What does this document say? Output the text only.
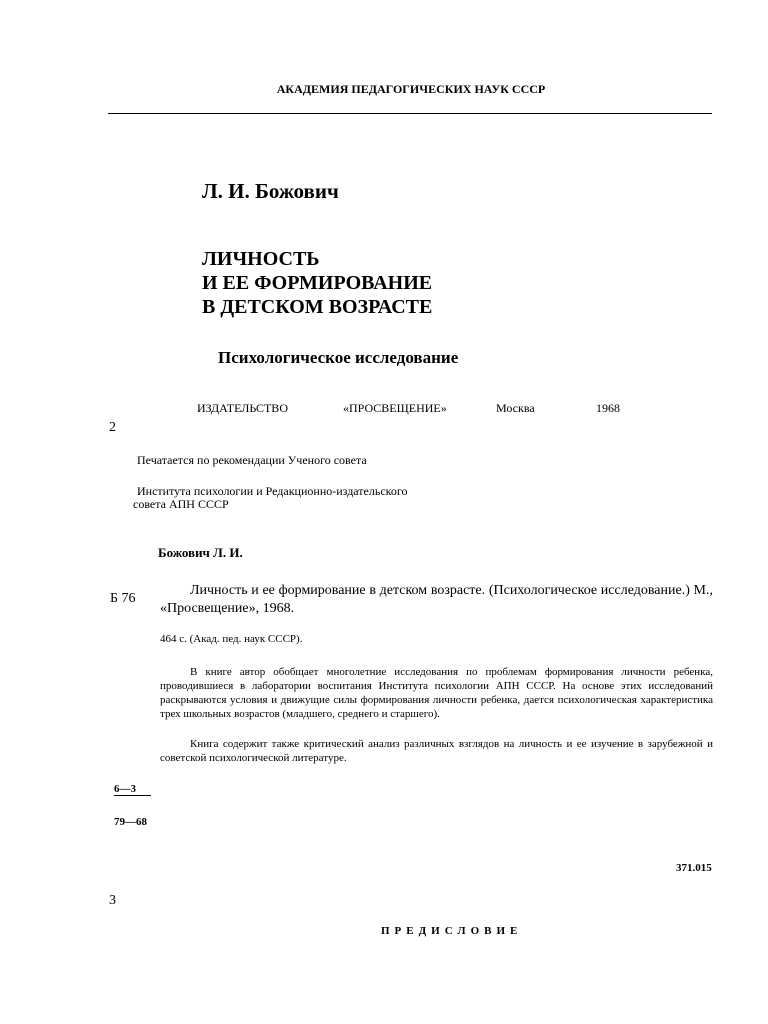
АКАДЕМИЯ ПЕДАГОГИЧЕСКИХ НАУК СССР
Л. И. Божович
ЛИЧНОСТЬ
И ЕЕ ФОРМИРОВАНИЕ
В ДЕТСКОМ ВОЗРАСТЕ
Психологическое исследование
ИЗДАТЕЛЬСТВО	«ПРОСВЕЩЕНИЕ»	Москва	1968
2
Печатается по рекомендации Ученого совета
Института психологии и Редакционно-издательского
совета АПН СССР
Божович Л. И.
Б 76
Личность и ее формирование в детском возрасте. (Психологическое исследование.) М., «Просвещение», 1968.
464 с. (Акад. пед. наук СССР).
В книге автор обобщает многолетние исследования по проблемам формирования личности ребенка, проводившиеся в лаборатории воспитания Института психологии АПН СССР. На основе этих исследований раскрываются условия и движущие силы формирования личности ребенка, дается психологическая характеристика трех школьных возрастов (младшего, среднего и старшего).
Книга содержит также критический анализ различных взглядов на личность и ее изучение в зарубежной и советской психологической литературе.
6—3
79—68
371.015
3
ПРЕДИСЛОВИЕ
